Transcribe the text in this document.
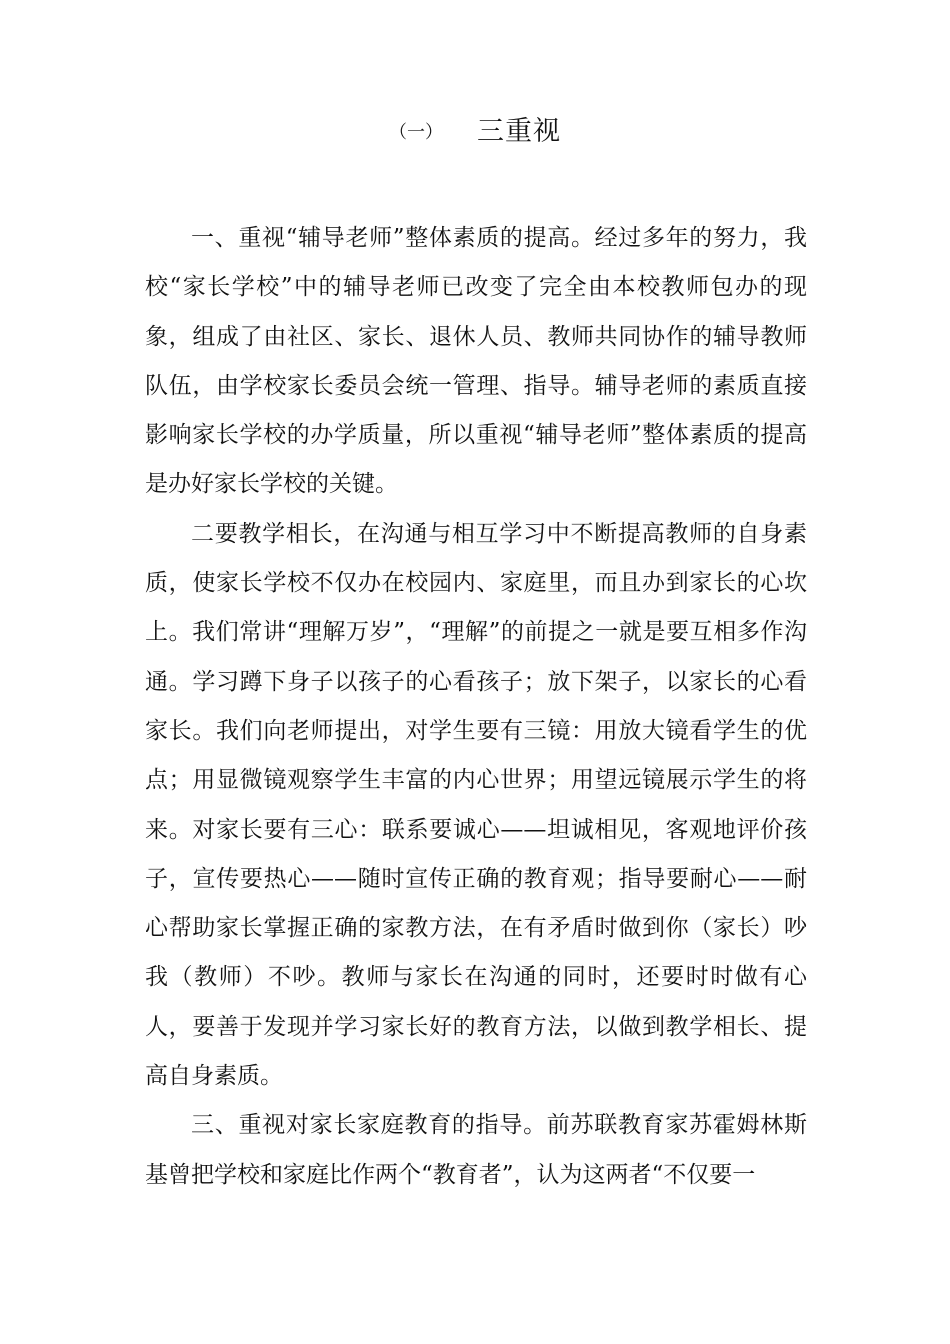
（一） 三重视

一、重视“辅导老师”整体素质的提高。经过多年的努力，我校“家长学校”中的辅导老师已改变了完全由本校教师包办的现象，组成了由社区、家长、退休人员、教师共同协作的辅导教师队伍，由学校家长委员会统一管理、指导。辅导老师的素质直接影响家长学校的办学质量，所以重视“辅导老师”整体素质的提高是办好家长学校的关键。

二要教学相长，在沟通与相互学习中不断提高教师的自身素质，使家长学校不仅办在校园内、家庭里，而且办到家长的心坎上。我们常讲“理解万岁”，“理解”的前提之一就是要互相多作沟通。学习蹲下身子以孩子的心看孩子；放下架子，以家长的心看家长。我们向老师提出，对学生要有三镜：用放大镜看学生的优点；用显微镜观察学生丰富的内心世界；用望远镜展示学生的将来。对家长要有三心：联系要诚心——坦诚相见，客观地评价孩子，宣传要热心——随时宣传正确的教育观；指导要耐心——耐心帮助家长掌握正确的家教方法，在有矛盾时做到你（家长）吵我（教师）不吵。教师与家长在沟通的同时，还要时时做有心人，要善于发现并学习家长好的教育方法，以做到教学相长、提高自身素质。

三、重视对家长家庭教育的指导。前苏联教育家苏霍姆林斯基曾把学校和家庭比作两个“教育者”，认为这两者“不仅要一
